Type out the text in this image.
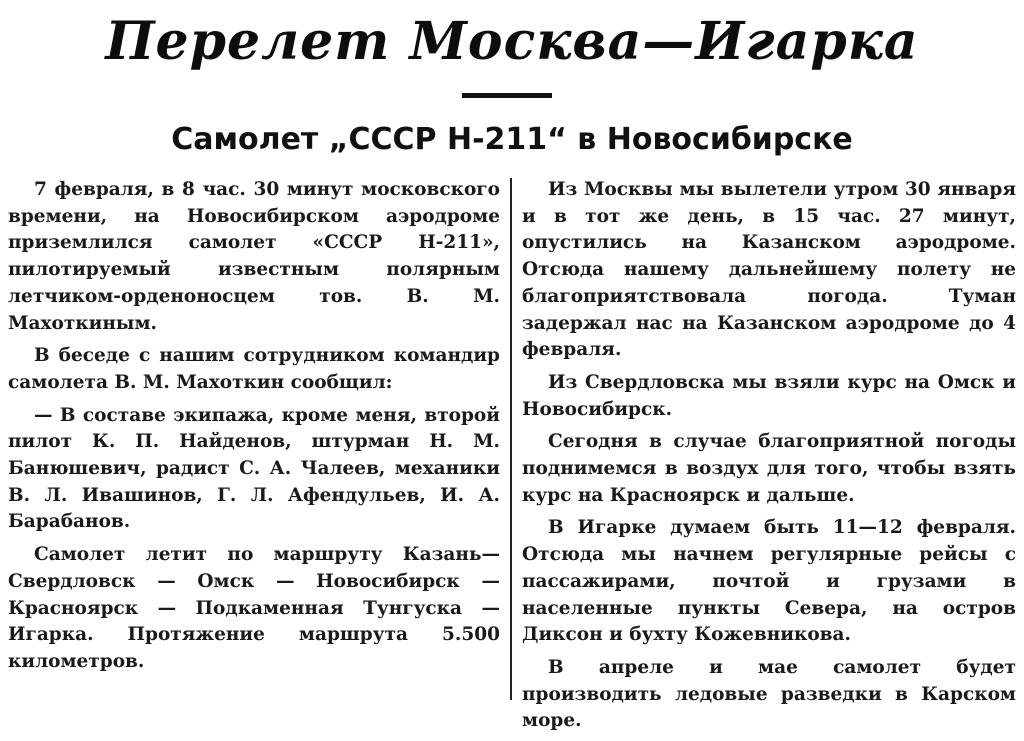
Перелет Москва—Игарка
Самолет „СССР Н-211“ в Новосибирске

7 февраля, в 8 час. 30 минут московского времени, на Новосибирском аэродроме приземлился самолет «СССР Н-211», пилотируемый известным полярным летчиком-орденоносцем тов. В. М. Махоткиным.

В беседе с нашим сотрудником командир самолета В. М. Махоткин сообщил:

— В составе экипажа, кроме меня, второй пилот К. П. Найденов, штурман Н. М. Банюшевич, радист С. А. Чалеев, механики В. Л. Ивашинов, Г. Л. Афендульев, И. А. Барабанов.

Самолет летит по маршруту Казань—Свердловск — Омск — Новосибирск — Красноярск — Подкаменная Тунгуска — Игарка. Протяжение маршрута 5.500 километров.

Из Москвы мы вылетели утром 30 января и в тот же день, в 15 час. 27 минут, опустились на Казанском аэродроме. Отсюда нашему дальнейшему полету не благоприятствовала погода. Туман задержал нас на Казанском аэродроме до 4 февраля.

Из Свердловска мы взяли курс на Омск и Новосибирск.

Сегодня в случае благоприятной погоды поднимемся в воздух для того, чтобы взять курс на Красноярск и дальше.

В Игарке думаем быть 11—12 февраля. Отсюда мы начнем регулярные рейсы с пассажирами, почтой и грузами в населенные пункты Севера, на остров Диксон и бухту Кожевникова.

В апреле и мае самолет будет производить ледовые разведки в Карском море.
